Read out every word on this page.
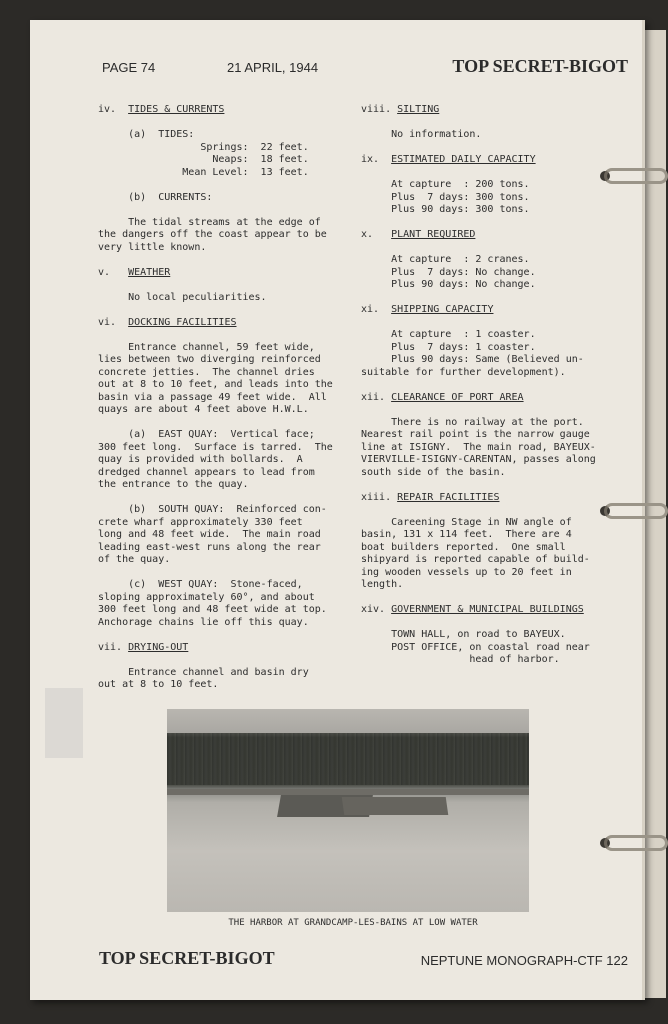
PAGE 74	21 APRIL, 1944	TOP SECRET-BIGOT
iv.  TIDES & CURRENTS
(a)  TIDES:
Springs:  22 feet.
Neaps:  18 feet.
Mean Level:  13 feet.
(b)  CURRENTS:
The tidal streams at the edge of
the dangers off the coast appear to be
very little known.
v.   WEATHER
No local peculiarities.
vi.  DOCKING FACILITIES
Entrance channel, 59 feet wide,
lies between two diverging reinforced
concrete jetties.  The channel dries
out at 8 to 10 feet, and leads into the
basin via a passage 49 feet wide.  All
quays are about 4 feet above H.W.L.
(a)  EAST QUAY:  Vertical face;
300 feet long.  Surface is tarred.  The
quay is provided with bollards.  A
dredged channel appears to lead from
the entrance to the quay.
(b)  SOUTH QUAY:  Reinforced con-
crete wharf approximately 330 feet
long and 48 feet wide.  The main road
leading east-west runs along the rear
of the quay.
(c)  WEST QUAY:  Stone-faced,
sloping approximately 60°, and about
300 feet long and 48 feet wide at top.
Anchorage chains lie off this quay.
vii. DRYING-OUT
Entrance channel and basin dry
out at 8 to 10 feet.
viii. SILTING
No information.
ix.  ESTIMATED DAILY CAPACITY
At capture  : 200 tons.
Plus  7 days: 300 tons.
Plus 90 days: 300 tons.
x.   PLANT REQUIRED
At capture  : 2 cranes.
Plus  7 days: No change.
Plus 90 days: No change.
xi.  SHIPPING CAPACITY
At capture  : 1 coaster.
Plus  7 days: 1 coaster.
Plus 90 days: Same (Believed un-
suitable for further development).
xii. CLEARANCE OF PORT AREA
There is no railway at the port.
Nearest rail point is the narrow gauge
line at ISIGNY.  The main road, BAYEUX-
VIERVILLE-ISIGNY-CARENTAN, passes along
south side of the basin.
xiii. REPAIR FACILITIES
Careening Stage in NW angle of
basin, 131 x 114 feet.  There are 4
boat builders reported.  One small
shipyard is reported capable of build-
ing wooden vessels up to 20 feet in
length.
xiv. GOVERNMENT & MUNICIPAL BUILDINGS
TOWN HALL, on road to BAYEUX.
POST OFFICE, on coastal road near
head of harbor.
THE HARBOR AT GRANDCAMP-LES-BAINS AT LOW WATER
TOP SECRET-BIGOT	NEPTUNE MONOGRAPH-CTF 122
